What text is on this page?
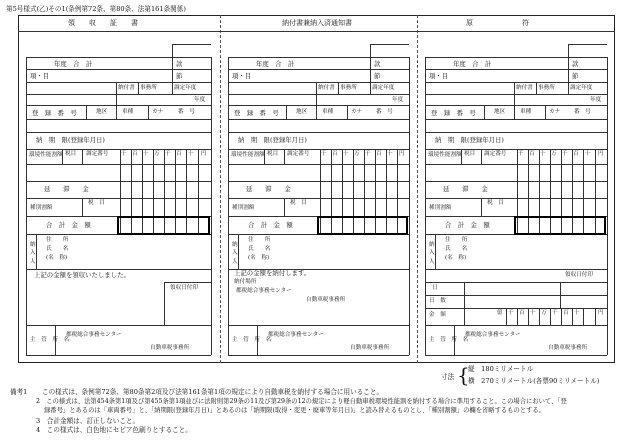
第5号様式(乙)その1(条例第72条、第80条、法第161条関係)
領　　収　　証　　書
年度　合　計	款
項・目	節
納付書 事務所	調定年度
年度
登　録　番　号	地区	車種	カナ	番　号
納　期　限(登録年月日)
環境性能割額 税目 調定番号 千 百 十 万 千 百 十 円
延　　滞　　金
税　目
種別割額
合　計　金　額
納入人
住　　所
氏　　名
(名　称)
上記の金額を領収いたしました。
領収日付印
主　管　所　名
都税総合事務センター
自動車税事務所
納付書兼納入済通知書
年度　合　計	款
項・目	節
納付書 事務所	調定年度
年度
登　録　番　号	地区	車種	カナ 番　号
納　期　限(登録年月日)
環境性能割額 税目 調定番号 千 百 十 万 千 百 十 円
延　　滞　　金
税　目
種別割額
合　計　金　額
納入人
住　　所
氏　　名
(名　称)
上記の金額を納付します。
納付場所
都税総合事務センター
自動車税事務所
主　管　所　名
都税総合事務センター
自動車税事務所
原　　　　　　　符
年度　合　計	款
項・目	節
納付書 事務所	調定年度
年度
登　録　番　号	地区	車種	カナ 番　号
納　期　限(登録年月日)
環境性能割額 税目 調定番号 千 百 十 万 千 百 十 円
延　　滞　　金
税　目
種別割額
合　計　金　額
納入人
住　　所
氏　　名
(名　称)
領収日付印
日
日　数
金　額	億 千 百 十 万 千 百 十	円
主　管　所　名
都税総合事務センター
自動車税事務所
寸法 {
縦　180ミリメートル
横　270ミリメートル(各票90ミリメートル)
備考1 この様式は、条例第72条、第80条第2項及び法第161条第1項の規定により自動車税を納付する場合に用いること。
2　この様式は、法第454条第1項及び第455条第1項並びに法附則第29条の11及び第29条の12の規定により軽自動車税環境性能割を納付する場合に準用すること。この場合において、「登
録番号」とあるのは「車両番号」と、「納期限(登録年月日)」とあるのは「納期限(取得・変更・廃車等年月日)」と読み替えるものとし、「種別割額」の欄を省略するものとする。
3　合計金額は、訂正しないこと。
4　この様式は、白色地にセピア色刷りとすること。
